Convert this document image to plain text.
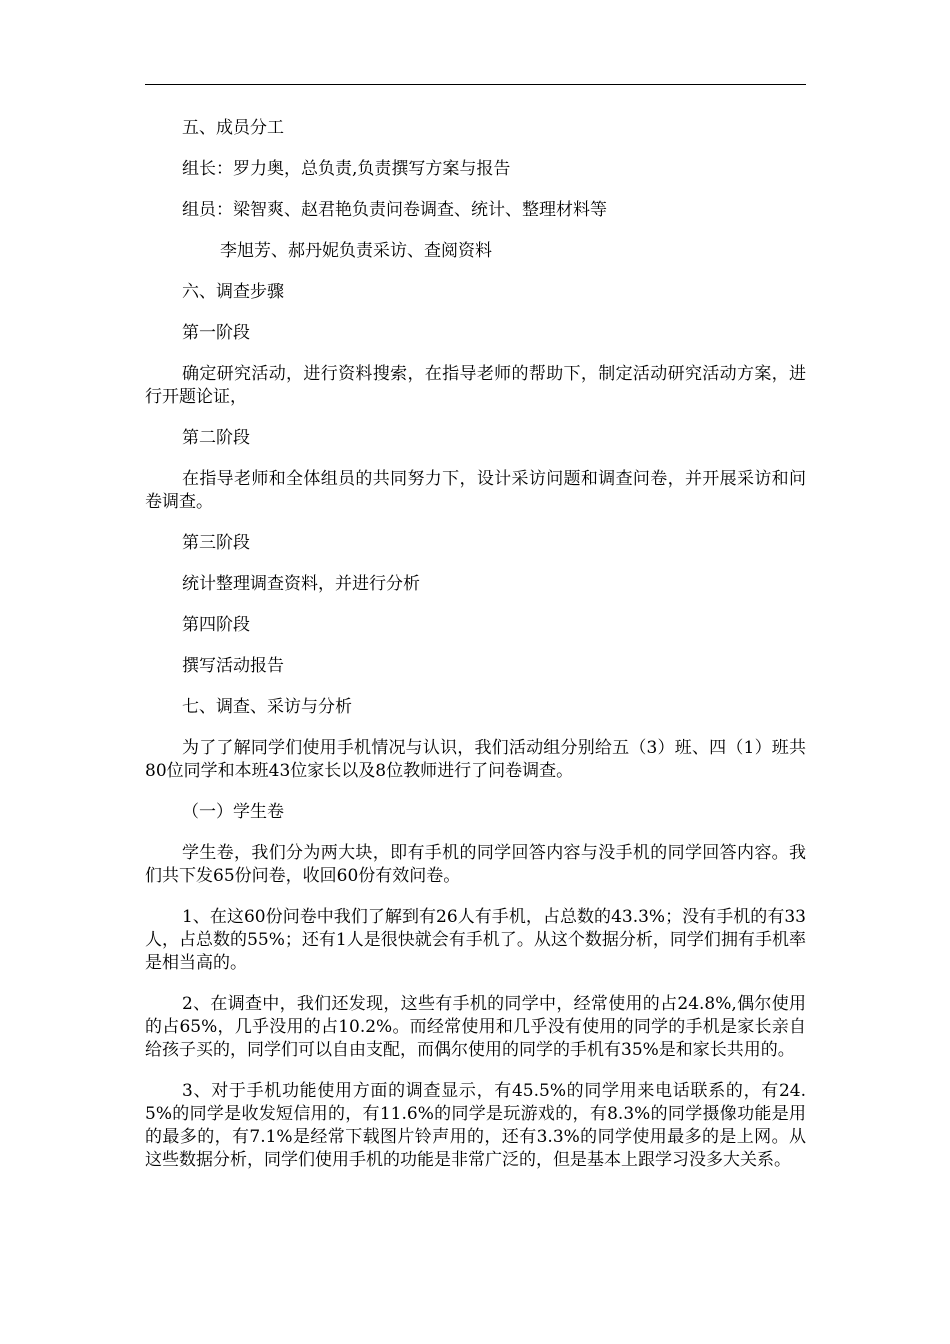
五、成员分工

组长：罗力奥，总负责,负责撰写方案与报告

组员：梁智爽、赵君艳负责问卷调查、统计、整理材料等

李旭芳、郝丹妮负责采访、查阅资料

六、调查步骤

第一阶段

确定研究活动，进行资料搜索，在指导老师的帮助下，制定活动研究活动方案，进行开题论证，

第二阶段

在指导老师和全体组员的共同努力下，设计采访问题和调查问卷，并开展采访和问卷调查。

第三阶段

统计整理调查资料，并进行分析

第四阶段

撰写活动报告

七、调查、采访与分析

为了了解同学们使用手机情况与认识，我们活动组分别给五（3）班、四（1）班共80位同学和本班43位家长以及8位教师进行了问卷调查。

（一）学生卷

学生卷，我们分为两大块，即有手机的同学回答内容与没手机的同学回答内容。我们共下发65份问卷，收回60份有效问卷。

1、在这60份问卷中我们了解到有26人有手机，占总数的43.3%；没有手机的有33人，占总数的55%；还有1人是很快就会有手机了。从这个数据分析，同学们拥有手机率是相当高的。

2、在调查中，我们还发现，这些有手机的同学中，经常使用的占24.8%,偶尔使用的占65%，几乎没用的占10.2%。而经常使用和几乎没有使用的同学的手机是家长亲自给孩子买的，同学们可以自由支配，而偶尔使用的同学的手机有35%是和家长共用的。

3、对于手机功能使用方面的调查显示，有45.5%的同学用来电话联系的，有24.5%的同学是收发短信用的，有11.6%的同学是玩游戏的，有8.3%的同学摄像功能是用的最多的，有7.1%是经常下载图片铃声用的，还有3.3%的同学使用最多的是上网。从这些数据分析，同学们使用手机的功能是非常广泛的，但是基本上跟学习没多大关系。
